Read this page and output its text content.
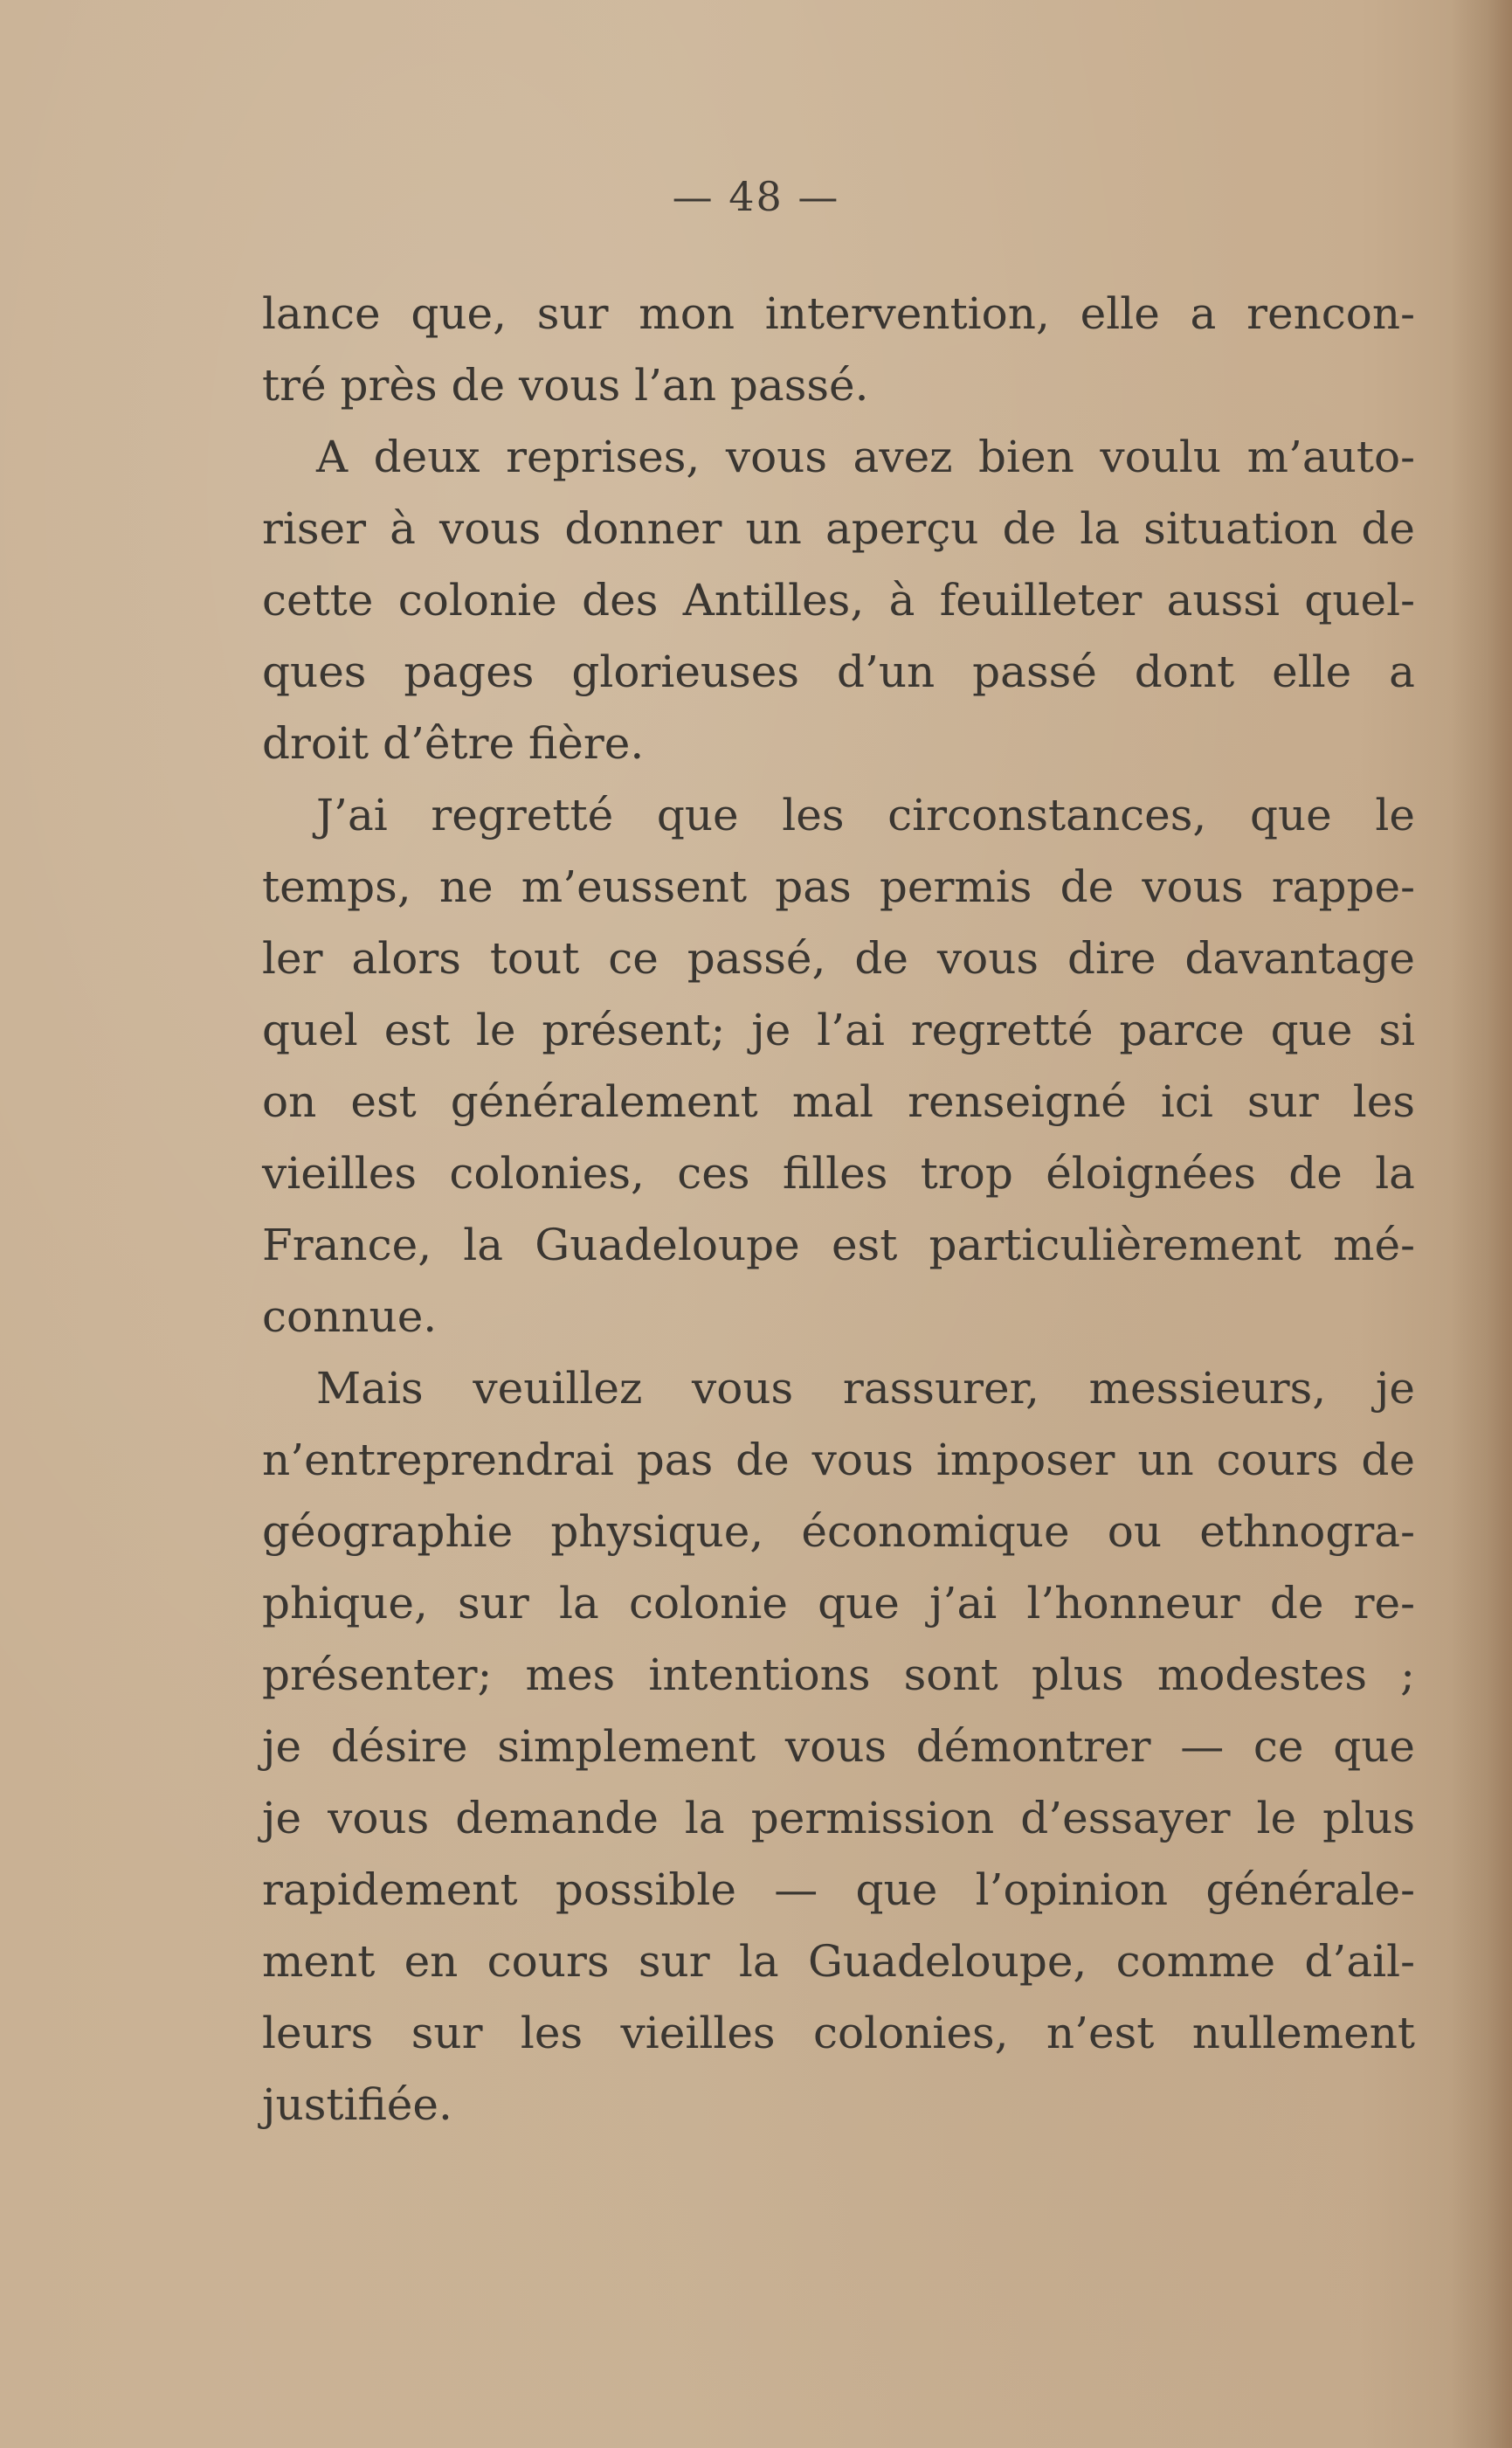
— 48 —
lance que, sur mon intervention, elle a rencon-
tré près de vous l’an passé.
A deux reprises, vous avez bien voulu m’auto-
riser à vous donner un aperçu de la situation de
cette colonie des Antilles, à feuilleter aussi quel-
ques pages glorieuses d’un passé dont elle a
droit d’être fière.
J’ai regretté que les circonstances, que le
temps, ne m’eussent pas permis de vous rappe-
ler alors tout ce passé, de vous dire davantage
quel est le présent; je l’ai regretté parce que si
on est généralement mal renseigné ici sur les
vieilles colonies, ces filles trop éloignées de la
France, la Guadeloupe est particulièrement mé-
connue.
Mais veuillez vous rassurer, messieurs, je
n’entreprendrai pas de vous imposer un cours de
géographie physique, économique ou ethnogra-
phique, sur la colonie que j’ai l’honneur de re-
présenter; mes intentions sont plus modestes ;
je désire simplement vous démontrer — ce que
je vous demande la permission d’essayer le plus
rapidement possible — que l’opinion générale-
ment en cours sur la Guadeloupe, comme d’ail-
leurs sur les vieilles colonies, n’est nullement
justifiée.
